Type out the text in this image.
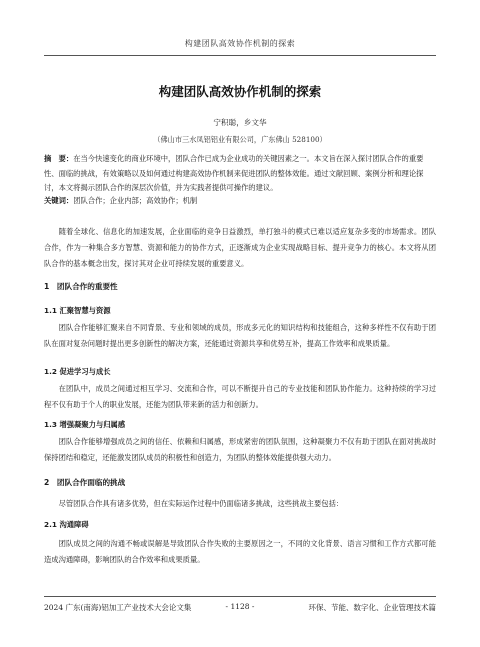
构建团队高效协作机制的探索
构建团队高效协作机制的探索
宁积聪，乡文华
（佛山市三水凤铝铝业有限公司，广东佛山 528100）
摘　要：在当今快速变化的商业环境中，团队合作已成为企业成功的关键因素之一。本文旨在深入探讨团队合作的重要性、面临的挑战，有效策略以及如何通过构建高效协作机制来促进团队的整体效能。通过文献回顾、案例分析和理论探讨，本文将揭示团队合作的深层次价值，并为实践者提供可操作的建议。
关键词：团队合作；企业内部；高效协作；机制
随着全球化、信息化的加速发展，企业面临的竞争日益激烈，单打独斗的模式已难以适应复杂多变的市场需求。团队合作，作为一种集合多方智慧、资源和能力的协作方式，正逐渐成为企业实现战略目标、提升竞争力的核心。本文将从团队合作的基本概念出发，探讨其对企业可持续发展的重要意义。
1　团队合作的重要性
1.1 汇聚智慧与资源
团队合作能够汇聚来自不同背景、专业和领域的成员，形成多元化的知识结构和技能组合，这种多样性不仅有助于团队在面对复杂问题时提出更多创新性的解决方案，还能通过资源共享和优势互补，提高工作效率和成果质量。
1.2 促进学习与成长
在团队中，成员之间通过相互学习、交流和合作，可以不断提升自己的专业技能和团队协作能力。这种持续的学习过程不仅有助于个人的职业发展，还能为团队带来新的活力和创新力。
1.3 增强凝聚力与归属感
团队合作能够增强成员之间的信任、依赖和归属感，形成紧密的团队氛围，这种凝聚力不仅有助于团队在面对挑战时保持团结和稳定，还能激发团队成员的积极性和创造力，为团队的整体效能提供强大动力。
2　团队合作面临的挑战
尽管团队合作具有诸多优势，但在实际运作过程中仍面临诸多挑战，这些挑战主要包括：
2.1 沟通障碍
团队成员之间的沟通不畅或误解是导致团队合作失败的主要原因之一，不同的文化背景、语言习惯和工作方式都可能造成沟通障碍，影响团队的合作效率和成果质量。
2024 广东(南海)铝加工产业技术大会论文集	- 1128 -	环保、节能、数字化、企业管理技术篇
